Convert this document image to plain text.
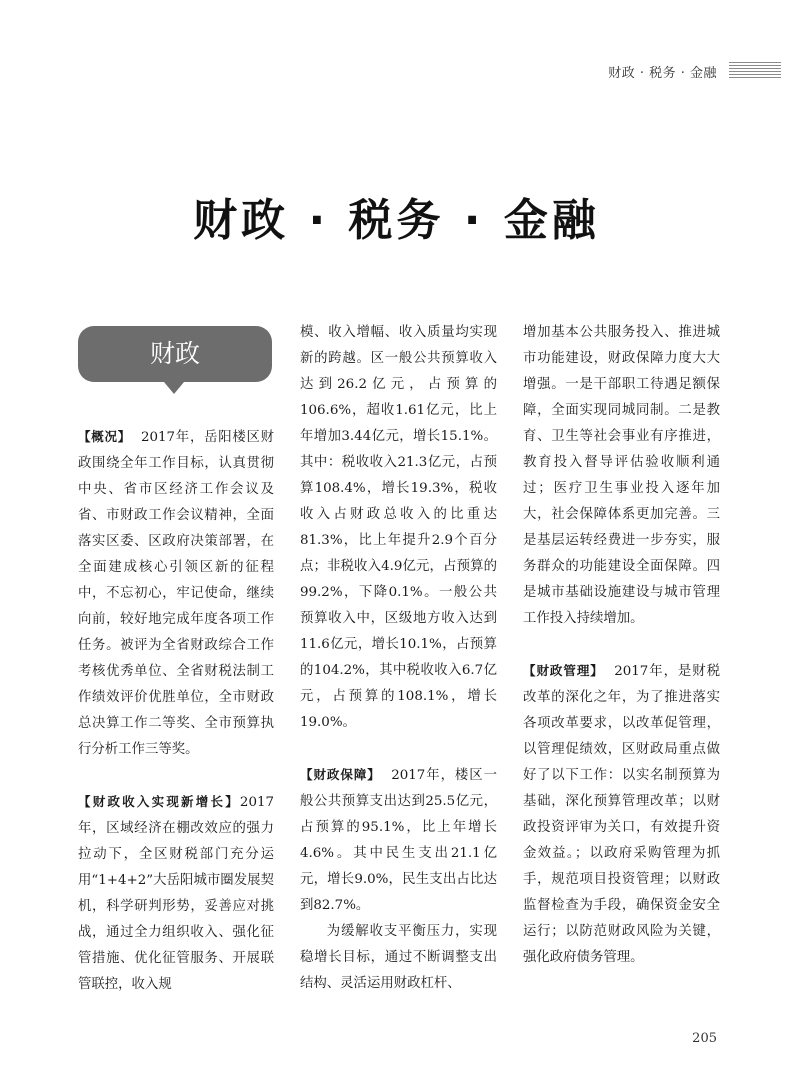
财政 · 税务 · 金融
财政 · 税务 · 金融
财政

【概况】 2017年，岳阳楼区财政围绕全年工作目标，认真贯彻中央、省市区经济工作会议及省、市财政工作会议精神，全面落实区委、区政府决策部署，在全面建成核心引领区新的征程中，不忘初心，牢记使命，继续向前，较好地完成年度各项工作任务。被评为全省财政综合工作考核优秀单位、全省财税法制工作绩效评价优胜单位，全市财政总决算工作二等奖、全市预算执行分析工作三等奖。

【财政收入实现新增长】2017年，区域经济在棚改效应的强力拉动下，全区财税部门充分运用“1+4+2”大岳阳城市圈发展契机，科学研判形势，妥善应对挑战，通过全力组织收入、强化征管措施、优化征管服务、开展联管联控，收入规

模、收入增幅、收入质量均实现新的跨越。区一般公共预算收入达到26.2亿元，占预算的106.6%，超收1.61亿元，比上年增加3.44亿元，增长15.1%。其中：税收收入21.3亿元，占预算108.4%，增长19.3%，税收收入占财政总收入的比重达81.3%，比上年提升2.9个百分点；非税收入4.9亿元，占预算的99.2%，下降0.1%。一般公共预算收入中，区级地方收入达到11.6亿元，增长10.1%，占预算的104.2%，其中税收收入6.7亿元，占预算的108.1%，增长19.0%。

【财政保障】 2017年，楼区一般公共预算支出达到25.5亿元，占预算的95.1%，比上年增长4.6%。其中民生支出21.1亿元，增长9.0%，民生支出占比达到82.7%。

为缓解收支平衡压力，实现稳增长目标，通过不断调整支出结构、灵活运用财政杠杆、

增加基本公共服务投入、推进城市功能建设，财政保障力度大大增强。一是干部职工待遇足额保障，全面实现同城同制。二是教育、卫生等社会事业有序推进，教育投入督导评估验收顺利通过；医疗卫生事业投入逐年加大，社会保障体系更加完善。三是基层运转经费进一步夯实，服务群众的功能建设全面保障。四是城市基础设施建设与城市管理工作投入持续增加。

【财政管理】 2017年，是财税改革的深化之年，为了推进落实各项改革要求，以改革促管理，以管理促绩效，区财政局重点做好了以下工作：以实名制预算为基础，深化预算管理改革；以财政投资评审为关口，有效提升资金效益。；以政府采购管理为抓手，规范项目投资管理；以财政监督检查为手段，确保资金安全运行；以防范财政风险为关键，强化政府债务管理。

205
